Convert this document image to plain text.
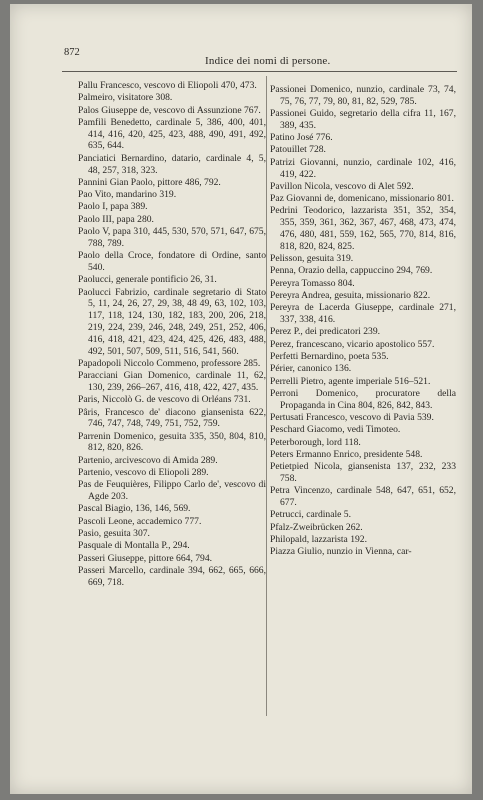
872
Indice dei nomi di persone.
Pallu Francesco, vescovo di Eliopoli 470, 473.
Palmeiro, visitatore 308.
Palos Giuseppe de, vescovo di Assunzione 767.
Pamfili Benedetto, cardinale 5, 386, 400, 401, 414, 416, 420, 425, 423, 488, 490, 491, 492, 635, 644.
Panciatici Bernardino, datario, cardinale 4, 5, 48, 257, 318, 323.
Pannini Gian Paolo, pittore 486, 792.
Pao Vito, mandarino 319.
Paolo I, papa 389.
Paolo III, papa 280.
Paolo V, papa 310, 445, 530, 570, 571, 647, 675, 788, 789.
Paolo della Croce, fondatore di Ordine, santo 540.
Paolucci, generale pontificio 26, 31.
Paolucci Fabrizio, cardinale segretario di Stato 5, 11, 24, 26, 27, 29, 38, 48 49, 63, 102, 103, 117, 118, 124, 130, 182, 183, 200, 206, 218, 219, 224, 239, 246, 248, 249, 251, 252, 406, 416, 418, 421, 423, 424, 425, 426, 483, 488, 492, 501, 507, 509, 511, 516, 541, 560.
Papadopoli Niccolo Commeno, professore 285.
Paracciani Gian Domenico, cardinale 11, 62, 130, 239, 266–267, 416, 418, 422, 427, 435.
Paris, Niccolò G. de vescovo di Orléans 731.
Pâris, Francesco de' diacono giansenista 622, 746, 747, 748, 749, 751, 752, 759.
Parrenin Domenico, gesuita 335, 350, 804, 810, 812, 820, 826.
Partenio, arcivescovo di Amida 289.
Partenio, vescovo di Eliopoli 289.
Pas de Feuquières, Filippo Carlo de', vescovo di Agde 203.
Pascal Biagio, 136, 146, 569.
Pascoli Leone, accademico 777.
Pasio, gesuita 307.
Pasquale di Montalla P., 294.
Passeri Giuseppe, pittore 664, 794.
Passeri Marcello, cardinale 394, 662, 665, 666, 669, 718.
Passionei Domenico, nunzio, cardinale 73, 74, 75, 76, 77, 79, 80, 81, 82, 529, 785.
Passionei Guido, segretario della cifra 11, 167, 389, 435.
Patino José 776.
Patouillet 728.
Patrizi Giovanni, nunzio, cardinale 102, 416, 419, 422.
Pavillon Nicola, vescovo di Alet 592.
Paz Giovanni de, domenicano, missionario 801.
Pedrini Teodorico, lazzarista 351, 352, 354, 355, 359, 361, 362, 367, 467, 468, 473, 474, 476, 480, 481, 559, 162, 565, 770, 814, 816, 818, 820, 824, 825.
Pelisson, gesuita 319.
Penna, Orazio della, cappuccino 294, 769.
Pereyra Tomasso 804.
Pereyra Andrea, gesuita, missionario 822.
Pereyra de Lacerda Giuseppe, cardinale 271, 337, 338, 416.
Perez P., dei predicatori 239.
Perez, francescano, vicario apostolico 557.
Perfetti Bernardino, poeta 535.
Périer, canonico 136.
Perrelli Pietro, agente imperiale 516–521.
Perroni Domenico, procuratore della Propaganda in Cina 804, 826, 842, 843.
Pertusati Francesco, vescovo di Pavia 539.
Peschard Giacomo, vedi Timoteo.
Peterborough, lord 118.
Peters Ermanno Enrico, presidente 548.
Petietpied Nicola, giansenista 137, 232, 233 758.
Petra Vincenzo, cardinale 548, 647, 651, 652, 677.
Petrucci, cardinale 5.
Pfalz-Zweibrücken 262.
Philopald, lazzarista 192.
Piazza Giulio, nunzio in Vienna, car-
